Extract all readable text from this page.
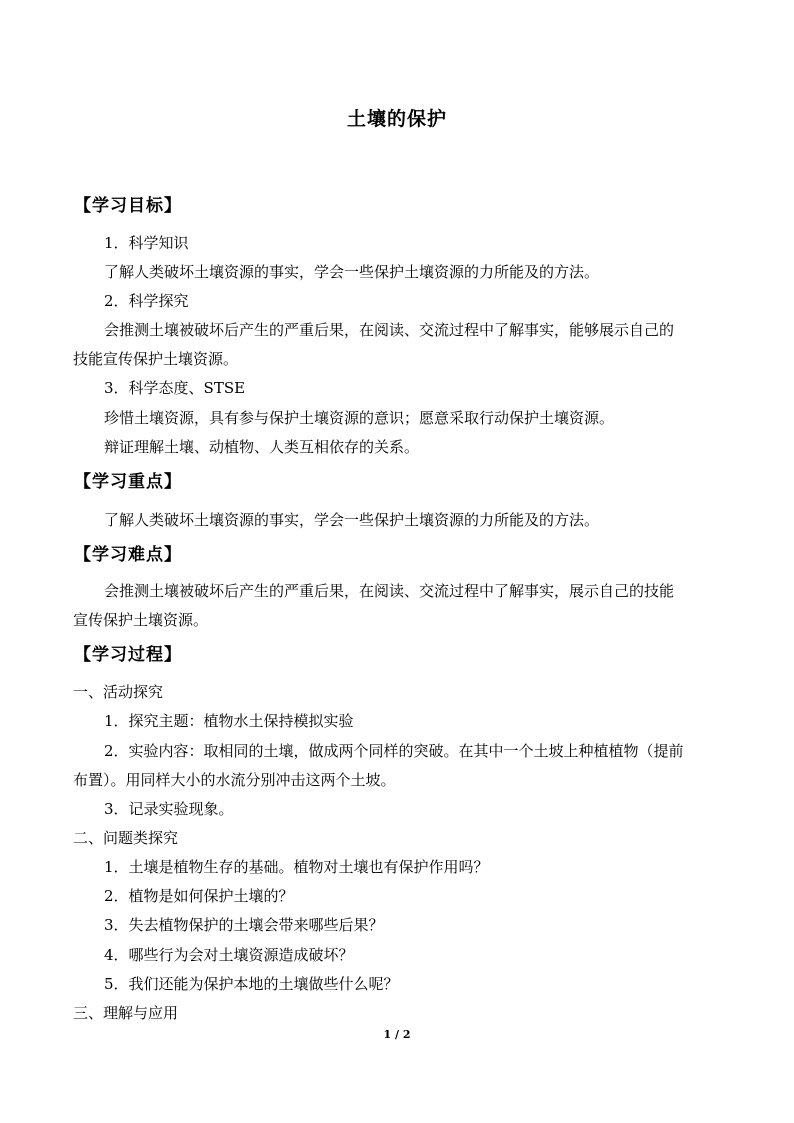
土壤的保护
【学习目标】
1．科学知识
了解人类破坏土壤资源的事实，学会一些保护土壤资源的力所能及的方法。
2．科学探究
会推测土壤被破坏后产生的严重后果，在阅读、交流过程中了解事实，能够展示自己的
技能宣传保护土壤资源。
3．科学态度、STSE
珍惜土壤资源，具有参与保护土壤资源的意识；愿意采取行动保护土壤资源。
辩证理解土壤、动植物、人类互相依存的关系。
【学习重点】
了解人类破坏土壤资源的事实，学会一些保护土壤资源的力所能及的方法。
【学习难点】
会推测土壤被破坏后产生的严重后果，在阅读、交流过程中了解事实，展示自己的技能
宣传保护土壤资源。
【学习过程】
一、活动探究
1．探究主题：植物水土保持模拟实验
2．实验内容：取相同的土壤，做成两个同样的突破。在其中一个土坡上种植植物（提前
布置）。用同样大小的水流分别冲击这两个土坡。
3．记录实验现象。
二、问题类探究
1．土壤是植物生存的基础。植物对土壤也有保护作用吗？
2．植物是如何保护土壤的？
3．失去植物保护的土壤会带来哪些后果？
4．哪些行为会对土壤资源造成破坏？
5．我们还能为保护本地的土壤做些什么呢？
三、理解与应用
1 / 2
